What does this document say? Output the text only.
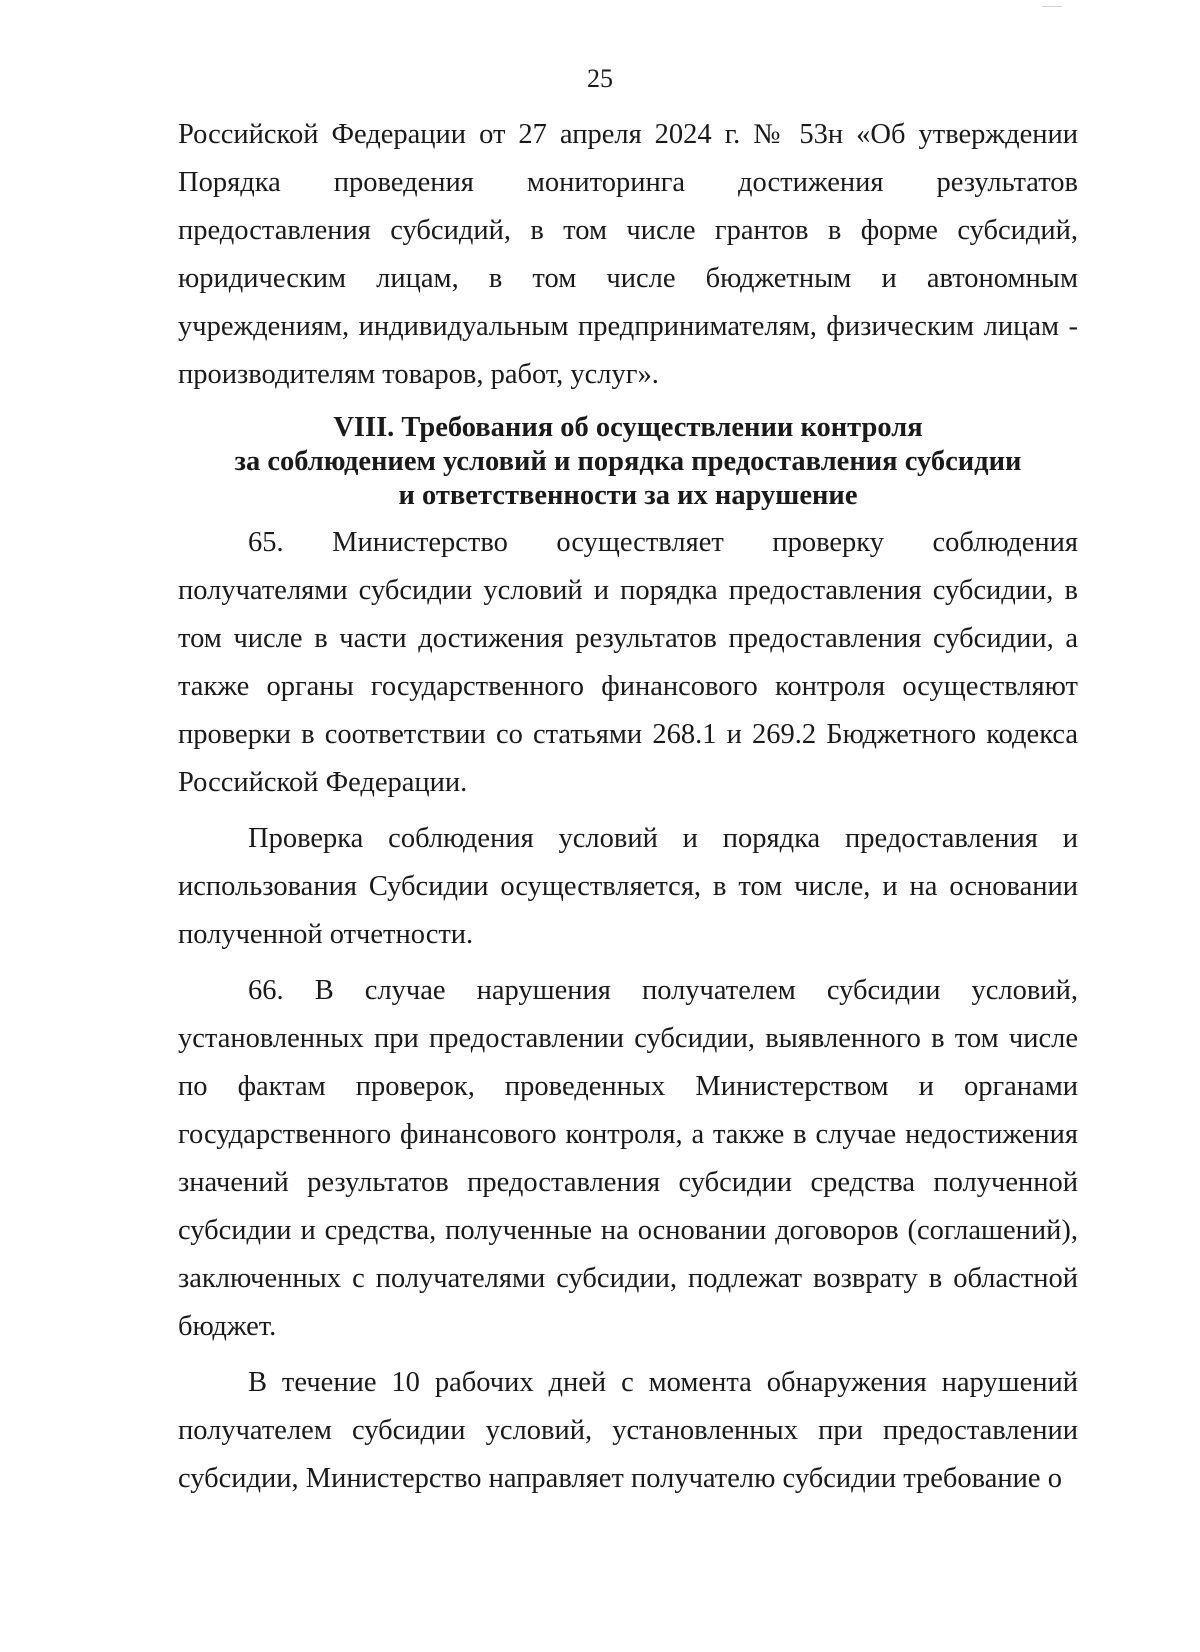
25

Российской Федерации от 27 апреля 2024 г. № 53н «Об утверждении Порядка проведения мониторинга достижения результатов предоставления субсидий, в том числе грантов в форме субсидий, юридическим лицам, в том числе бюджетным и автономным учреждениям, индивидуальным предпринимателям, физическим лицам - производителям товаров, работ, услуг».

VIII. Требования об осуществлении контроля
за соблюдением условий и порядка предоставления субсидии
и ответственности за их нарушение

65. Министерство осуществляет проверку соблюдения получателями субсидии условий и порядка предоставления субсидии, в том числе в части достижения результатов предоставления субсидии, а также органы государственного финансового контроля осуществляют проверки в соответствии со статьями 268.1 и 269.2 Бюджетного кодекса Российской Федерации.

Проверка соблюдения условий и порядка предоставления и использования Субсидии осуществляется, в том числе, и на основании полученной отчетности.

66. В случае нарушения получателем субсидии условий, установленных при предоставлении субсидии, выявленного в том числе по фактам проверок, проведенных Министерством и органами государственного финансового контроля, а также в случае недостижения значений результатов предоставления субсидии средства полученной субсидии и средства, полученные на основании договоров (соглашений), заключенных с получателями субсидии, подлежат возврату в областной бюджет.

В течение 10 рабочих дней с момента обнаружения нарушений получателем субсидии условий, установленных при предоставлении субсидии, Министерство направляет получателю субсидии требование о
